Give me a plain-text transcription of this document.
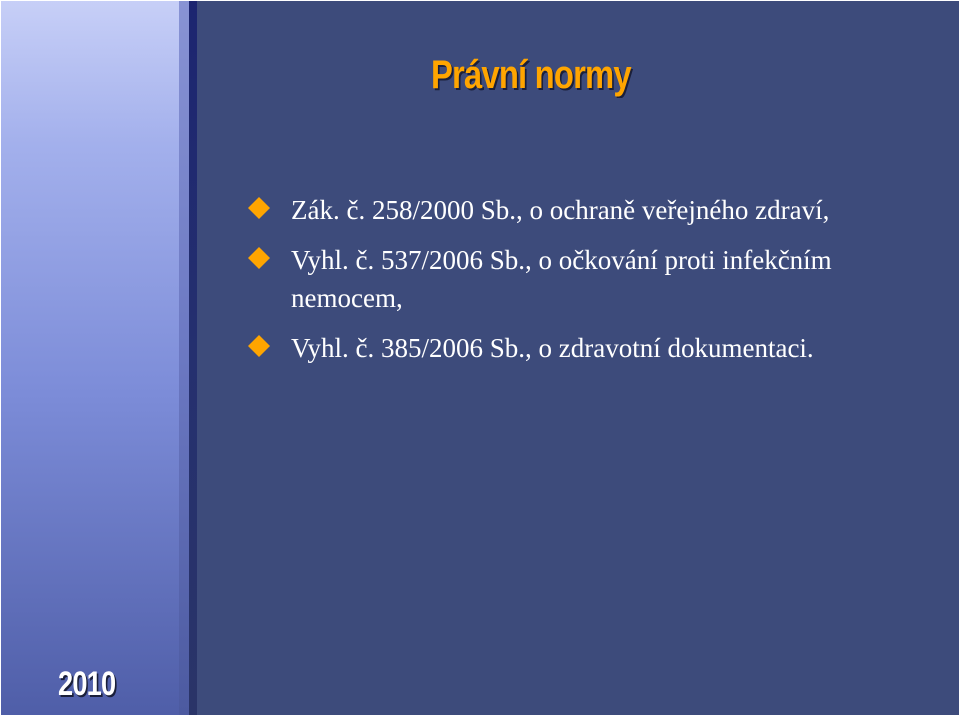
Právní normy
Zák. č. 258/2000 Sb., o ochraně veřejného zdraví,
Vyhl. č. 537/2006 Sb., o očkování proti infekčním nemocem,
Vyhl. č. 385/2006 Sb., o zdravotní dokumentaci.
2010
